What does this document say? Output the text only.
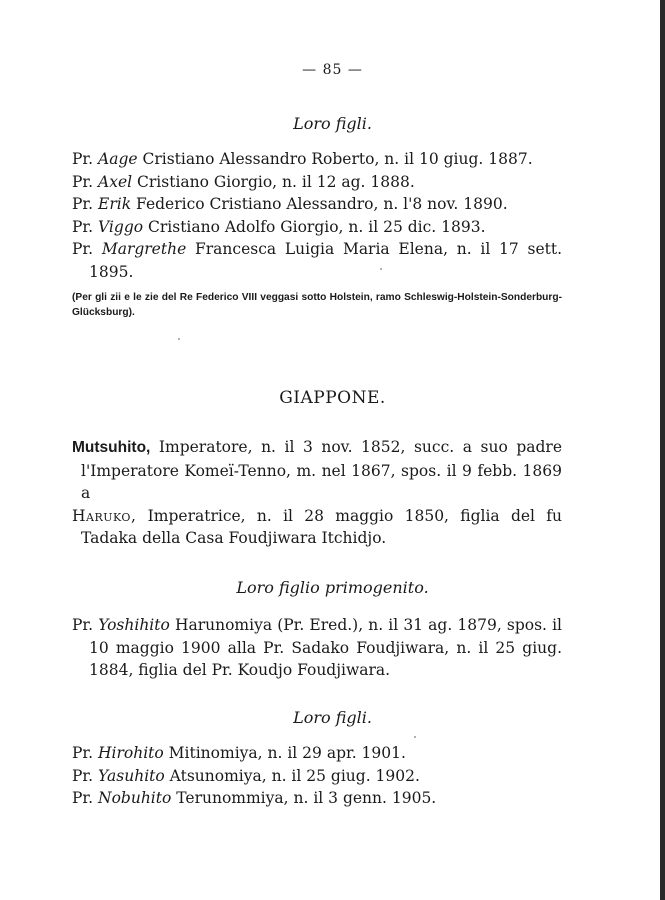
— 85 —
Loro figli.
Pr. Aage Cristiano Alessandro Roberto, n. il 10 giug. 1887.
Pr. Axel Cristiano Giorgio, n. il 12 ag. 1888.
Pr. Erik Federico Cristiano Alessandro, n. l'8 nov. 1890.
Pr. Viggo Cristiano Adolfo Giorgio, n. il 25 dic. 1893.
Pr. Margrethe Francesca Luigia Maria Elena, n. il 17 sett. 1895.
(Per gli zii e le zie del Re Federico VIII veggasi sotto Holstein, ramo Schleswig-Holstein-Sonderburg-Glücksburg).
GIAPPONE.
Mutsuhito, Imperatore, n. il 3 nov. 1852, succ. a suo padre l'Imperatore Komeï-Tenno, m. nel 1867, spos. il 9 febb. 1869 a
Haruko, Imperatrice, n. il 28 maggio 1850, figlia del fu Tadaka della Casa Foudjiwara Itchidjo.
Loro figlio primogenito.
Pr. Yoshihito Harunomiya (Pr. Ered.), n. il 31 ag. 1879, spos. il 10 maggio 1900 alla Pr. Sadako Foudjiwara, n. il 25 giug. 1884, figlia del Pr. Koudjo Foudjiwara.
Loro figli.
Pr. Hirohito Mitinomiya, n. il 29 apr. 1901.
Pr. Yasuhito Atsunomiya, n. il 25 giug. 1902.
Pr. Nobuhito Terunommiya, n. il 3 genn. 1905.
